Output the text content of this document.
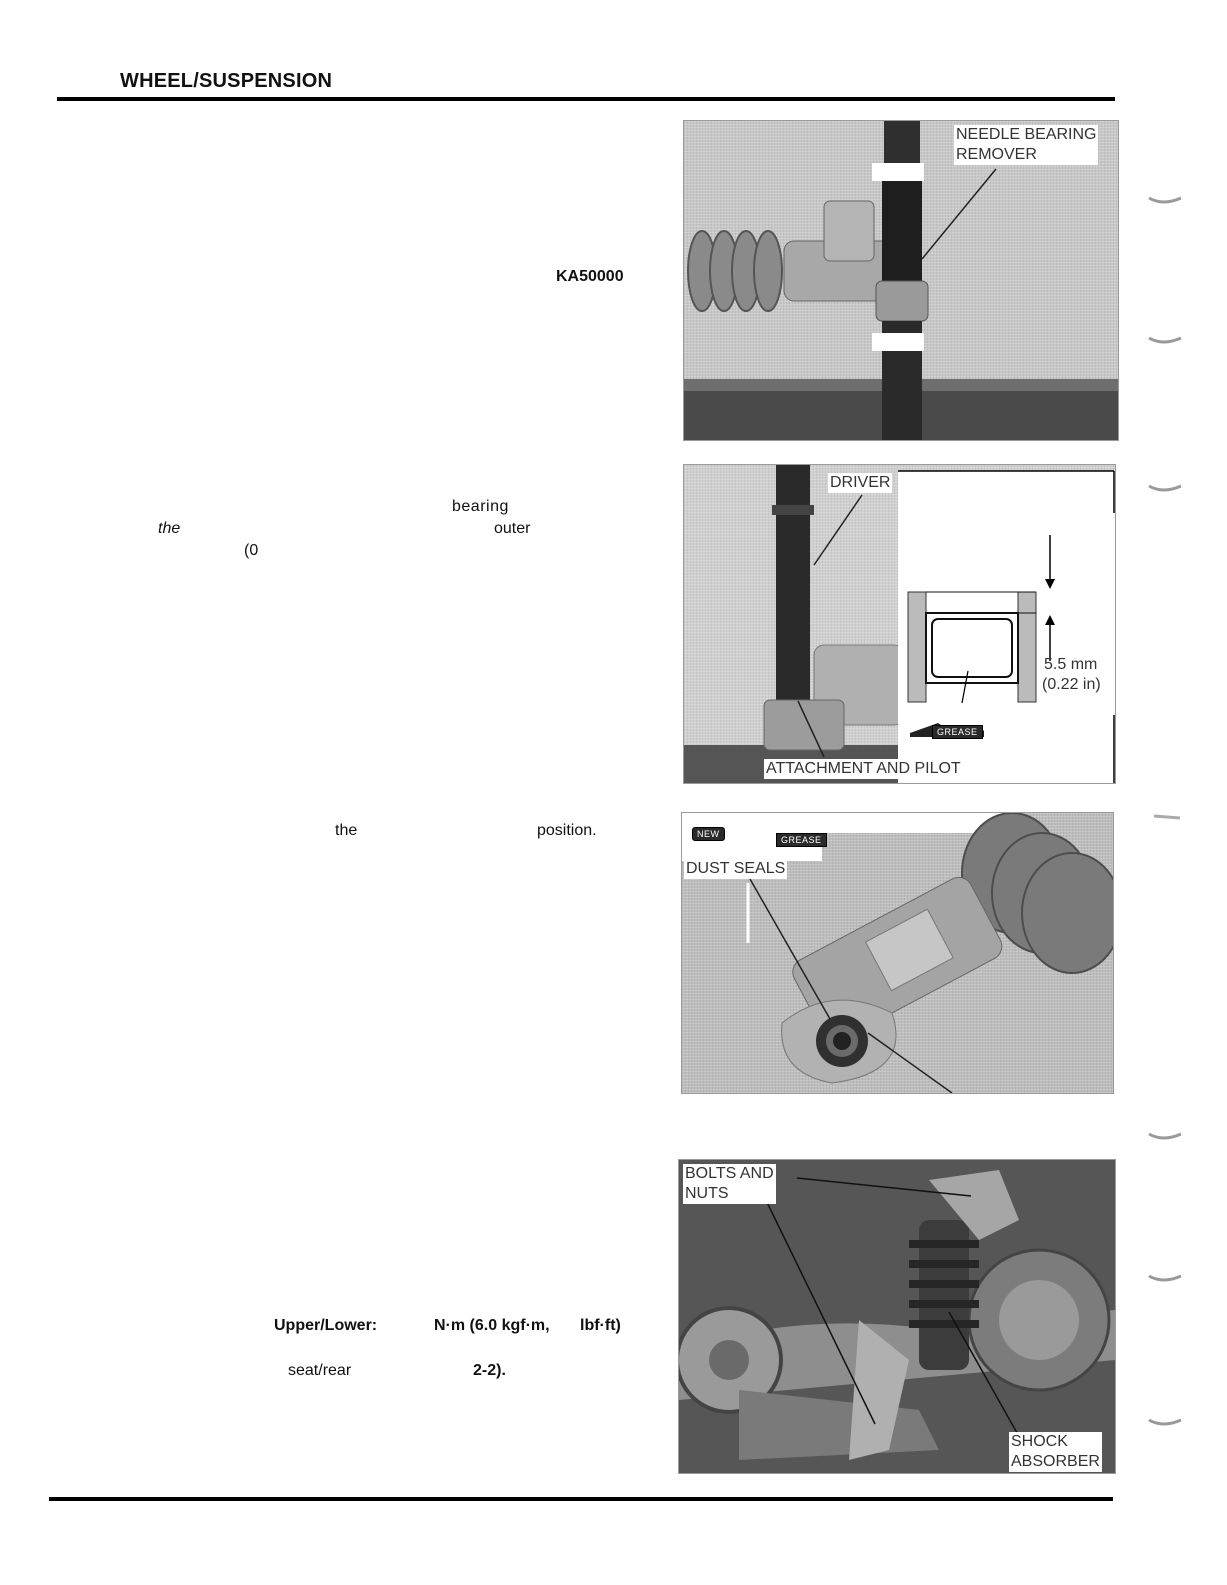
WHEEL/SUSPENSION
KA50000
bearing
the	outer
(0
the	position.
Upper/Lower:	N·m (6.0 kgf·m, lbf·ft)
seat/rear	2-2).
NEEDLE BEARING
REMOVER
DRIVER
5.5 mm
(0.22 in)
GREASE
ATTACHMENT AND PILOT
NEW
GREASE
DUST SEALS
BOLTS AND
NUTS
SHOCK
ABSORBER
